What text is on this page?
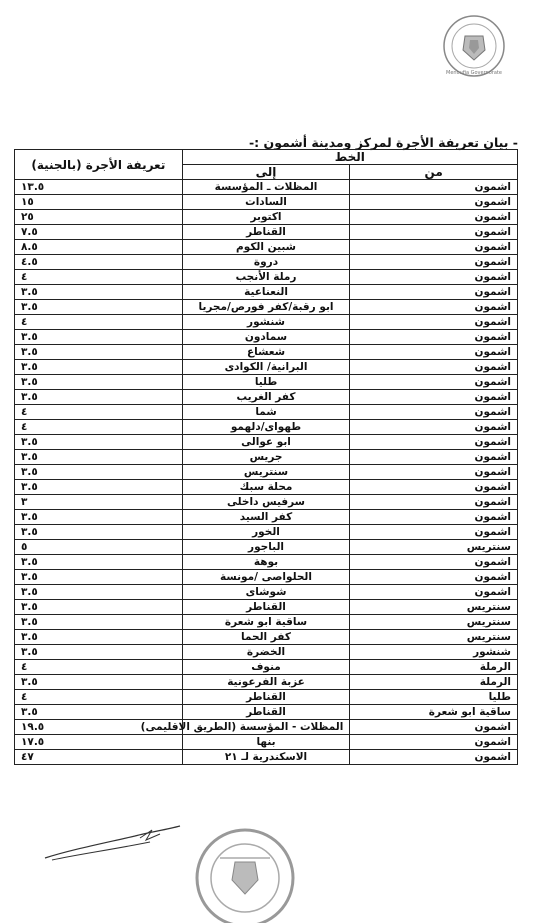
Menoufia Governorate
- بيان تعريفة الأجرة لمركز ومدينة أشمون :-
الخط		تعريفة الأجرة (بالجنية)
من	إلى	
اشمون	المظلات ـ المؤسسة	١٣.٥
اشمون	السادات	١٥
اشمون	اكتوبر	٢٥
اشمون	القناطر	٧.٥
اشمون	شبين الكوم	٨.٥
اشمون	دروة	٤.٥
اشمون	رملة الأنجب	٤
اشمون	النعناعية	٣.٥
اشمون	ابو رقبة/كفر فورص/مجريا	٣.٥
اشمون	شنشور	٤
اشمون	سمادون	٣.٥
اشمون	شعشاع	٣.٥
اشمون	البرانية/ الكوادى	٣.٥
اشمون	طليا	٣.٥
اشمون	كفر الغريب	٣.٥
اشمون	شما	٤
اشمون	طهواى/دلهمو	٤
اشمون	ابو عوالى	٣.٥
اشمون	جريس	٣.٥
اشمون	سنتريس	٣.٥
اشمون	محلة سبك	٣.٥
اشمون	سرفيس داخلى	٣
اشمون	كفر السيد	٣.٥
اشمون	الخور	٣.٥
سنتريس	الباجور	٥
اشمون	بوهة	٣.٥
اشمون	الحلواصى /مونسة	٣.٥
اشمون	شوشاى	٣.٥
سنتريس	القناطر	٣.٥
سنتريس	ساقية ابو شعرة	٣.٥
سنتريس	كفر الحما	٣.٥
شنشور	الخضرة	٣.٥
الرملة	منوف	٤
الرملة	عزبة الفرعونية	٣.٥
طليا	القناطر	٤
ساقية ابو شعرة	القناطر	٣.٥
اشمون	المظلات - المؤسسة (الطريق الاقليمى)	١٩.٥
اشمون	بنها	١٧.٥
اشمون	الاسكندرية لـ ٢١	٤٧
